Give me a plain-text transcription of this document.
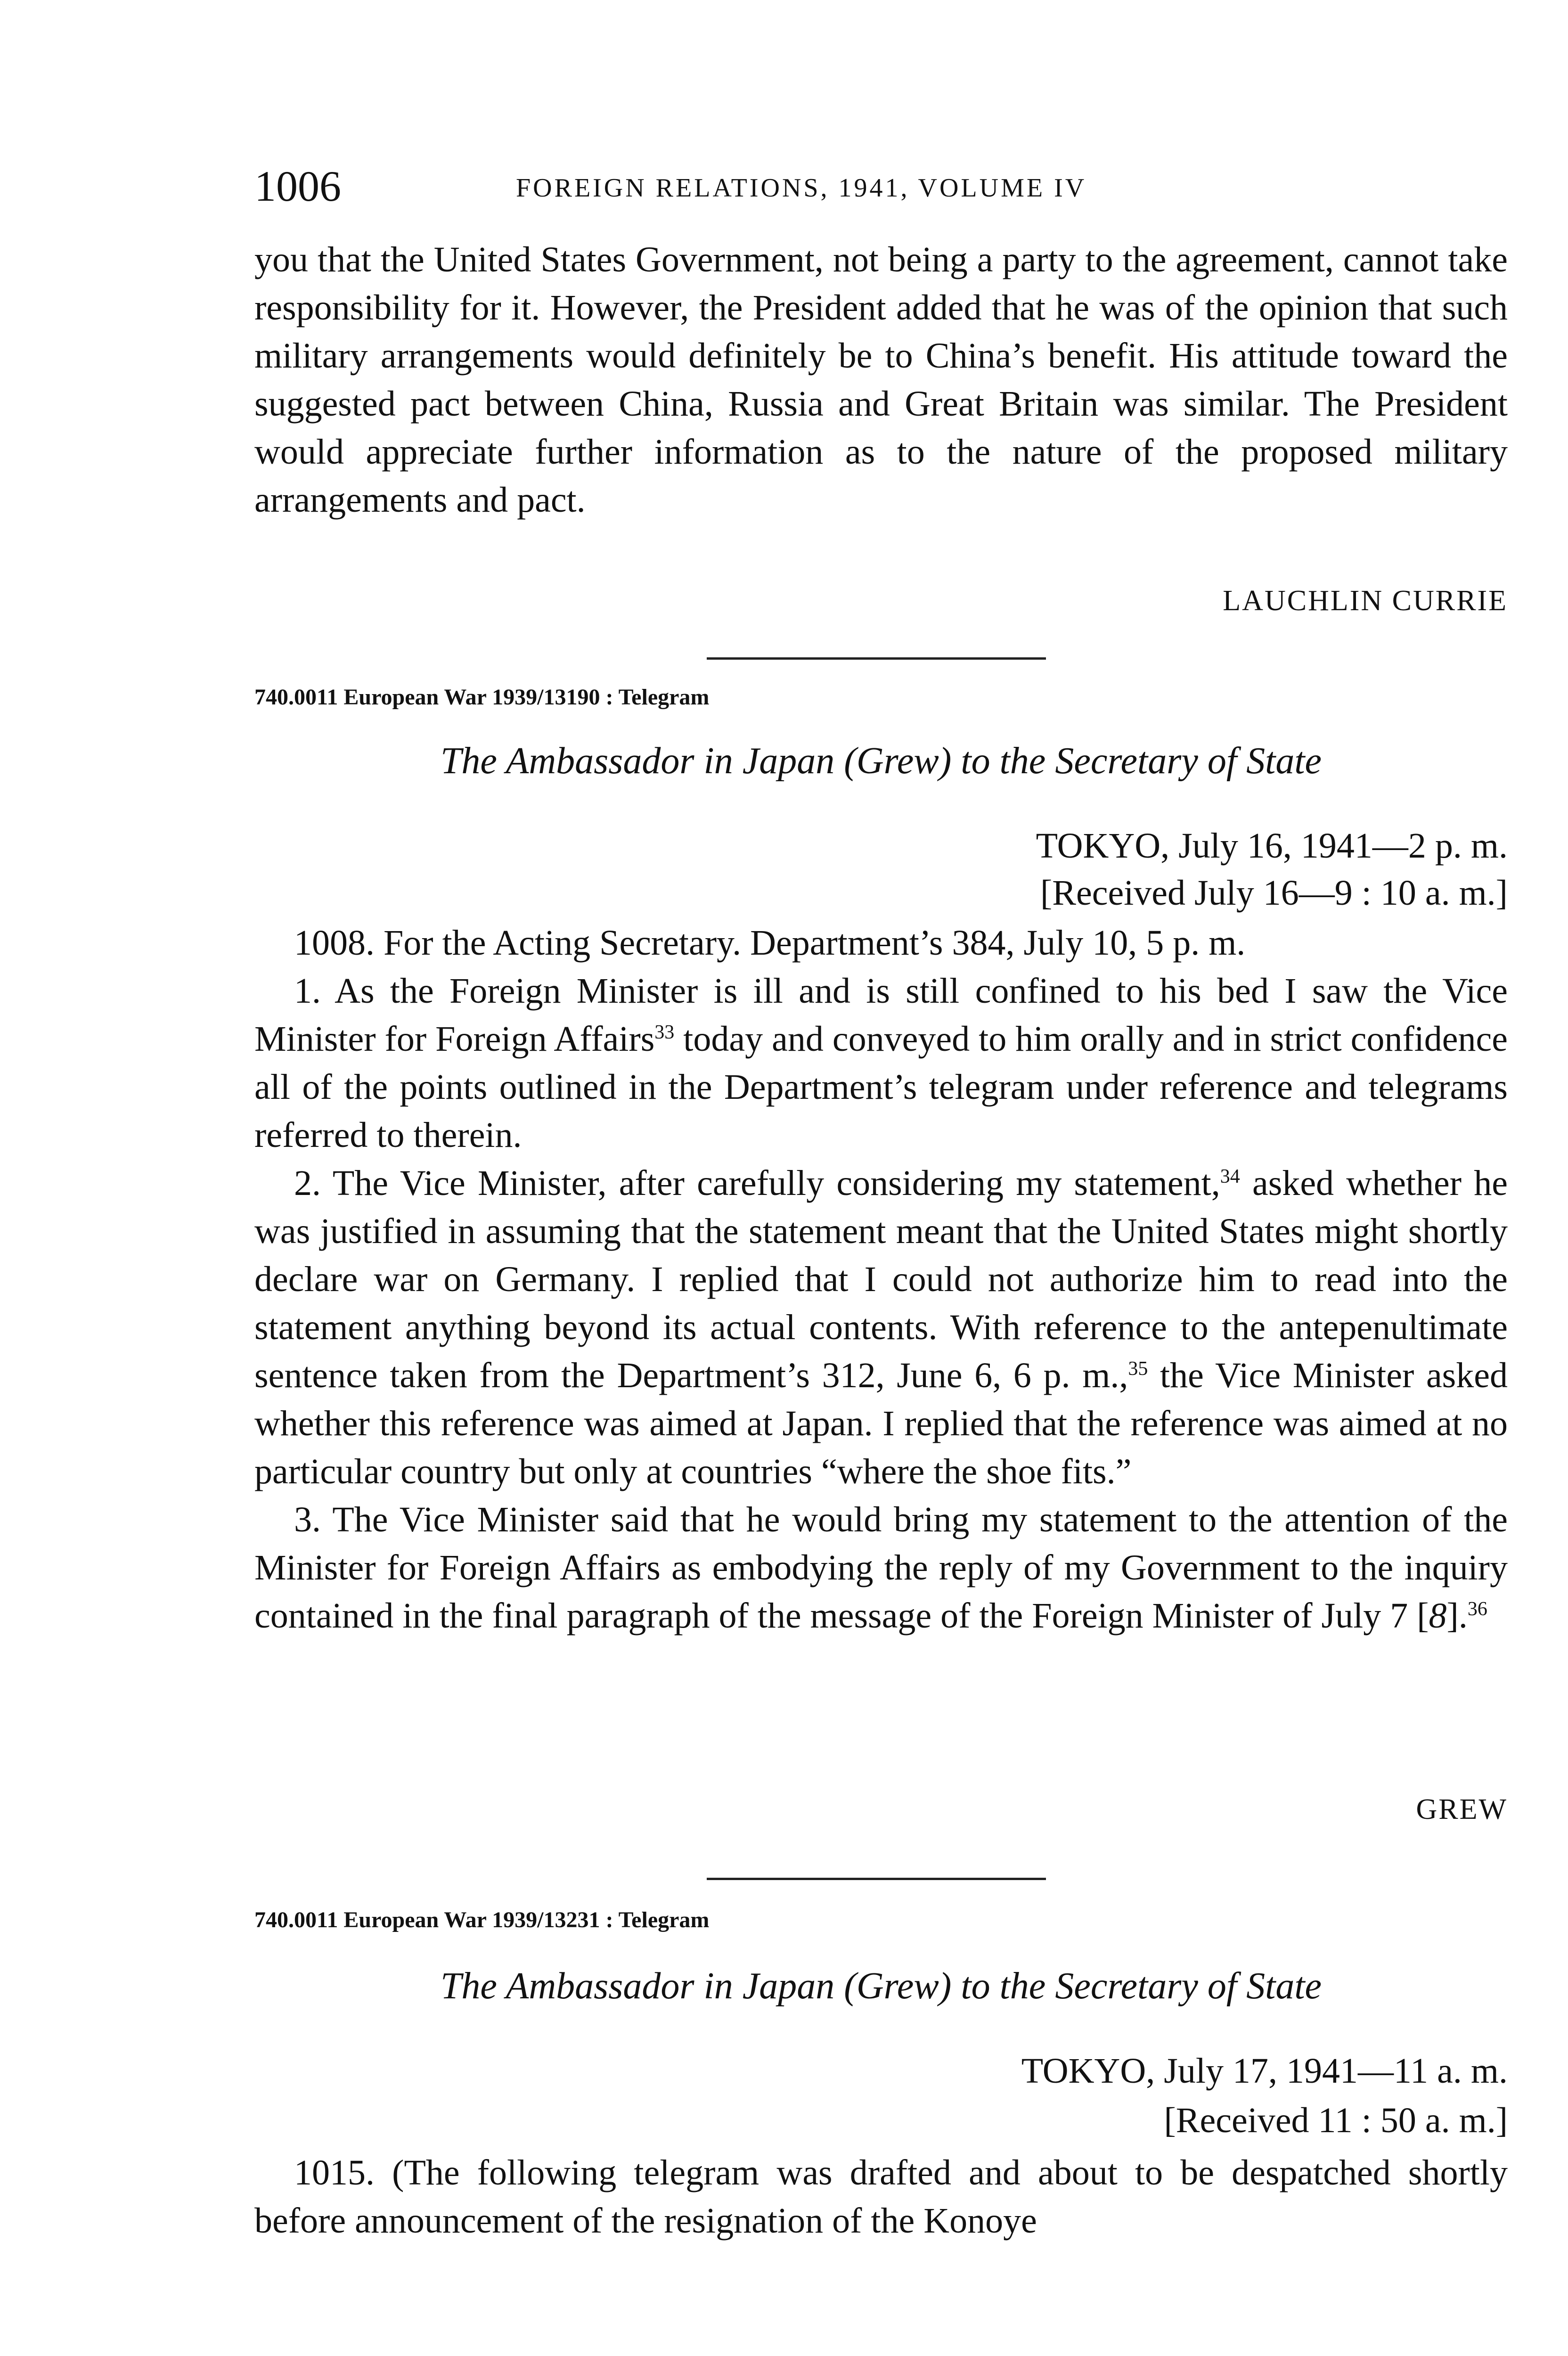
1006	FOREIGN RELATIONS, 1941, VOLUME IV

you that the United States Government, not being a party to the agreement, cannot take responsibility for it. However, the President added that he was of the opinion that such military arrangements would definitely be to China’s benefit. His attitude toward the suggested pact between China, Russia and Great Britain was similar. The President would appreciate further information as to the nature of the proposed military arrangements and pact.

LAUCHLIN CURRIE
740.0011 European War 1939/13190 : Telegram
The Ambassador in Japan (Grew) to the Secretary of State
TOKYO, July 16, 1941—2 p. m.
[Received July 16—9 : 10 a. m.]

1008. For the Acting Secretary. Department’s 384, July 10, 5 p. m.

1. As the Foreign Minister is ill and is still confined to his bed I saw the Vice Minister for Foreign Affairs$^{33}$ today and conveyed to him orally and in strict confidence all of the points outlined in the Department’s telegram under reference and telegrams referred to therein.

2. The Vice Minister, after carefully considering my statement,$^{34}$ asked whether he was justified in assuming that the statement meant that the United States might shortly declare war on Germany. I replied that I could not authorize him to read into the statement anything beyond its actual contents. With reference to the antepenultimate sentence taken from the Department’s 312, June 6, 6 p. m.,$^{35}$ the Vice Minister asked whether this reference was aimed at Japan. I replied that the reference was aimed at no particular country but only at countries “where the shoe fits.”

3. The Vice Minister said that he would bring my statement to the attention of the Minister for Foreign Affairs as embodying the reply of my Government to the inquiry contained in the final paragraph of the message of the Foreign Minister of July 7 [8].$^{36}$

GREW
740.0011 European War 1939/13231 : Telegram
The Ambassador in Japan (Grew) to the Secretary of State
TOKYO, July 17, 1941—11 a. m.
[Received 11 : 50 a. m.]

1015. (The following telegram was drafted and about to be despatched shortly before announcement of the resignation of the Konoye
